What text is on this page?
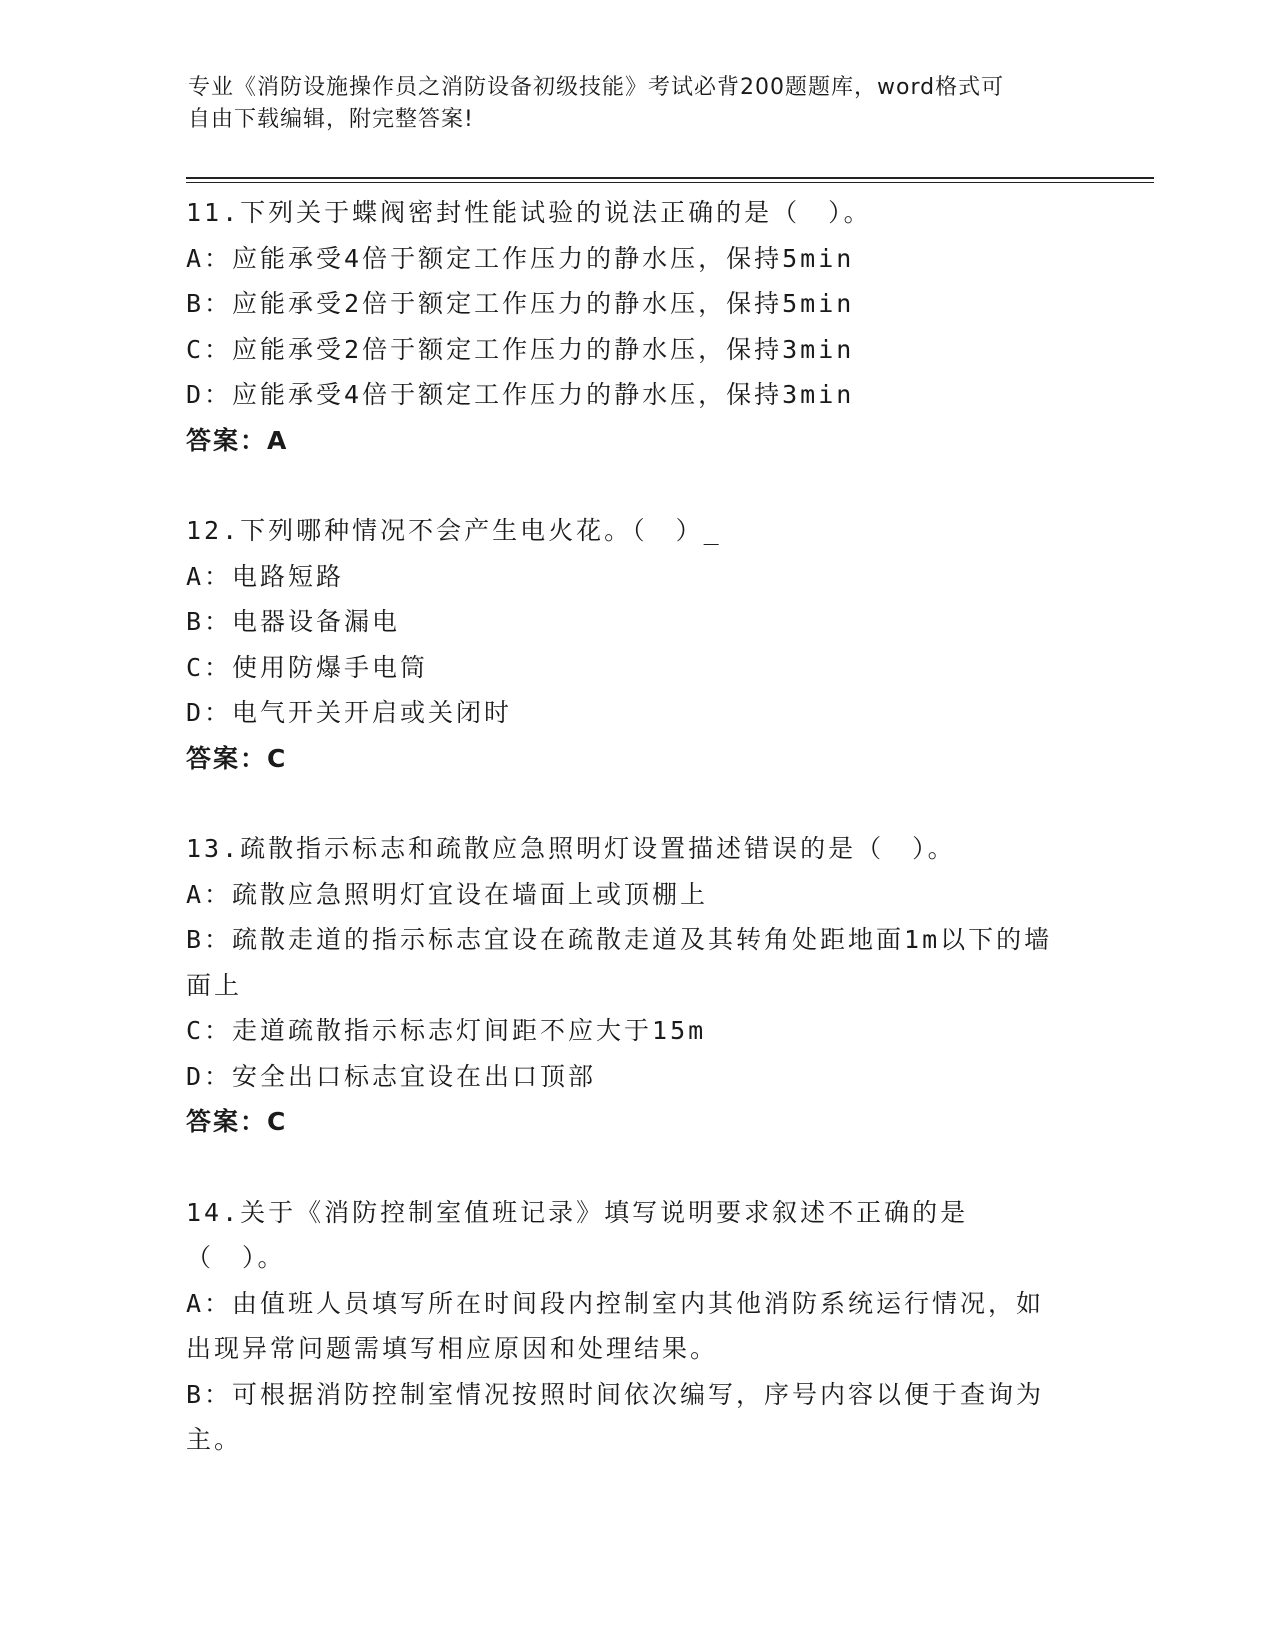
专业《消防设施操作员之消防设备初级技能》考试必背200题题库，word格式可
自由下载编辑，附完整答案!
11.下列关于蝶阀密封性能试验的说法正确的是（　）。
A：应能承受4倍于额定工作压力的静水压，保持5min
B：应能承受2倍于额定工作压力的静水压，保持5min
C：应能承受2倍于额定工作压力的静水压，保持3min
D：应能承受4倍于额定工作压力的静水压，保持3min
答案：A
12.下列哪种情况不会产生电火花。（　）_
A：电路短路
B：电器设备漏电
C：使用防爆手电筒
D：电气开关开启或关闭时
答案：C
13.疏散指示标志和疏散应急照明灯设置描述错误的是（　）。
A：疏散应急照明灯宜设在墙面上或顶棚上
B：疏散走道的指示标志宜设在疏散走道及其转角处距地面1m以下的墙面上
C：走道疏散指示标志灯间距不应大于15m
D：安全出口标志宜设在出口顶部
答案：C
14.关于《消防控制室值班记录》填写说明要求叙述不正确的是（　）。
A：由值班人员填写所在时间段内控制室内其他消防系统运行情况，如出现异常问题需填写相应原因和处理结果。
B：可根据消防控制室情况按照时间依次编写，序号内容以便于查询为主。
